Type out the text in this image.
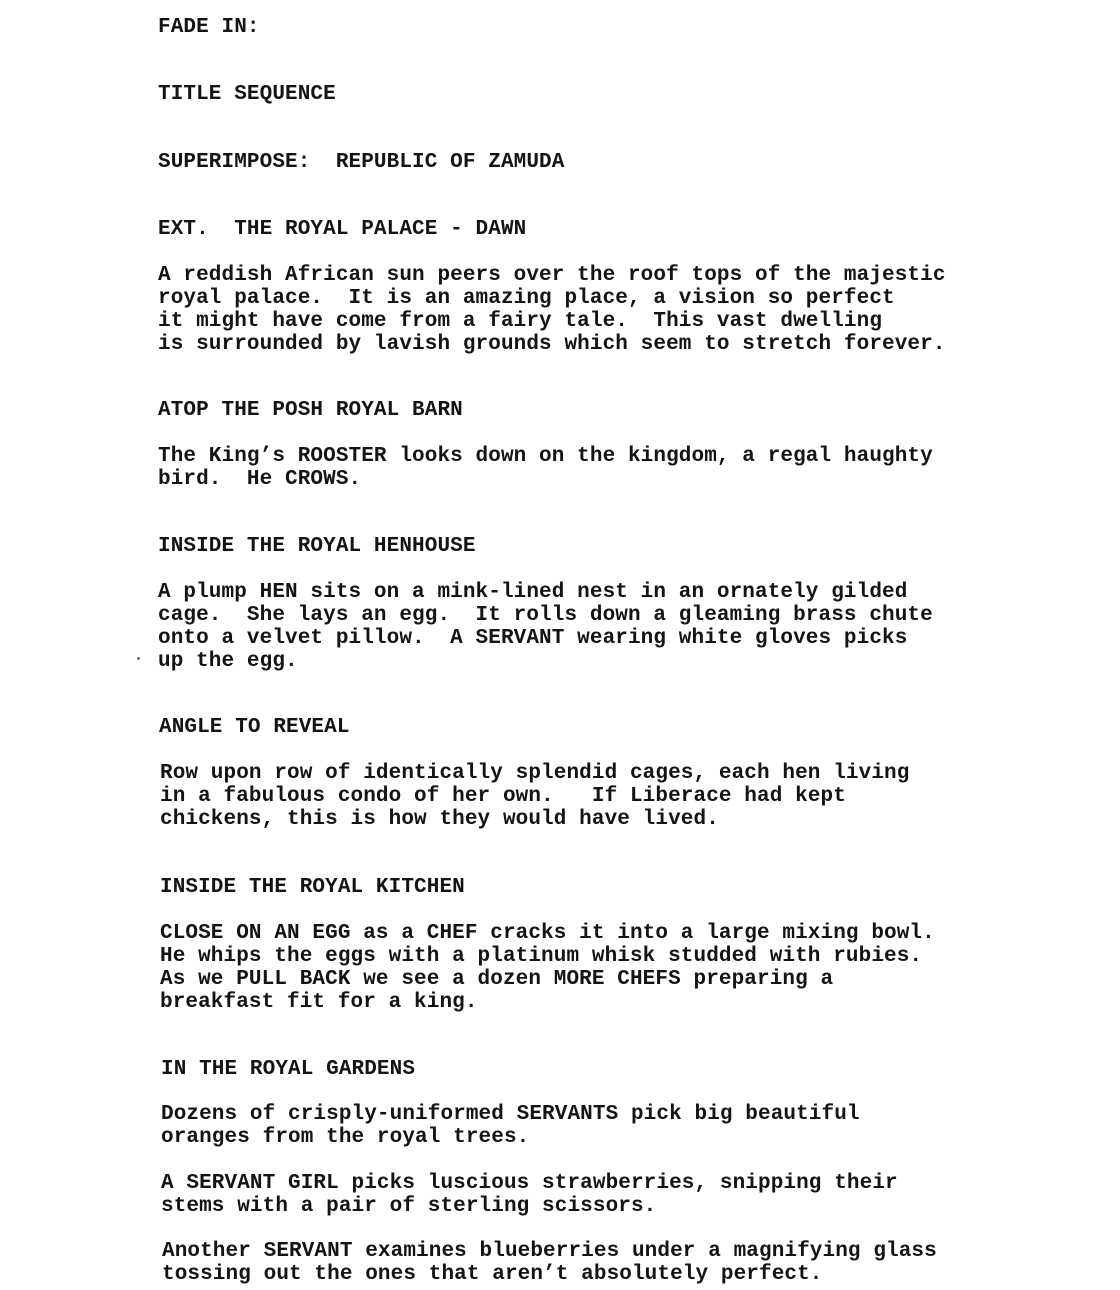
FADE IN:

TITLE SEQUENCE

SUPERIMPOSE:  REPUBLIC OF ZAMUDA

EXT.  THE ROYAL PALACE - DAWN

A reddish African sun peers over the roof tops of the majestic

royal palace.  It is an amazing place, a vision so perfect

it might have come from a fairy tale.  This vast dwelling

is surrounded by lavish grounds which seem to stretch forever.

ATOP THE POSH ROYAL BARN

The King’s ROOSTER looks down on the kingdom, a regal haughty

bird.  He CROWS.

INSIDE THE ROYAL HENHOUSE

A plump HEN sits on a mink-lined nest in an ornately gilded

cage.  She lays an egg.  It rolls down a gleaming brass chute

onto a velvet pillow.  A SERVANT wearing white gloves picks

up the egg.

ANGLE TO REVEAL

Row upon row of identically splendid cages, each hen living

in a fabulous condo of her own.   If Liberace had kept

chickens, this is how they would have lived.

INSIDE THE ROYAL KITCHEN

CLOSE ON AN EGG as a CHEF cracks it into a large mixing bowl.

He whips the eggs with a platinum whisk studded with rubies.

As we PULL BACK we see a dozen MORE CHEFS preparing a

breakfast fit for a king.

IN THE ROYAL GARDENS

Dozens of crisply-uniformed SERVANTS pick big beautiful

oranges from the royal trees.

A SERVANT GIRL picks luscious strawberries, snipping their

stems with a pair of sterling scissors.

Another SERVANT examines blueberries under a magnifying glass

tossing out the ones that aren’t absolutely perfect.
